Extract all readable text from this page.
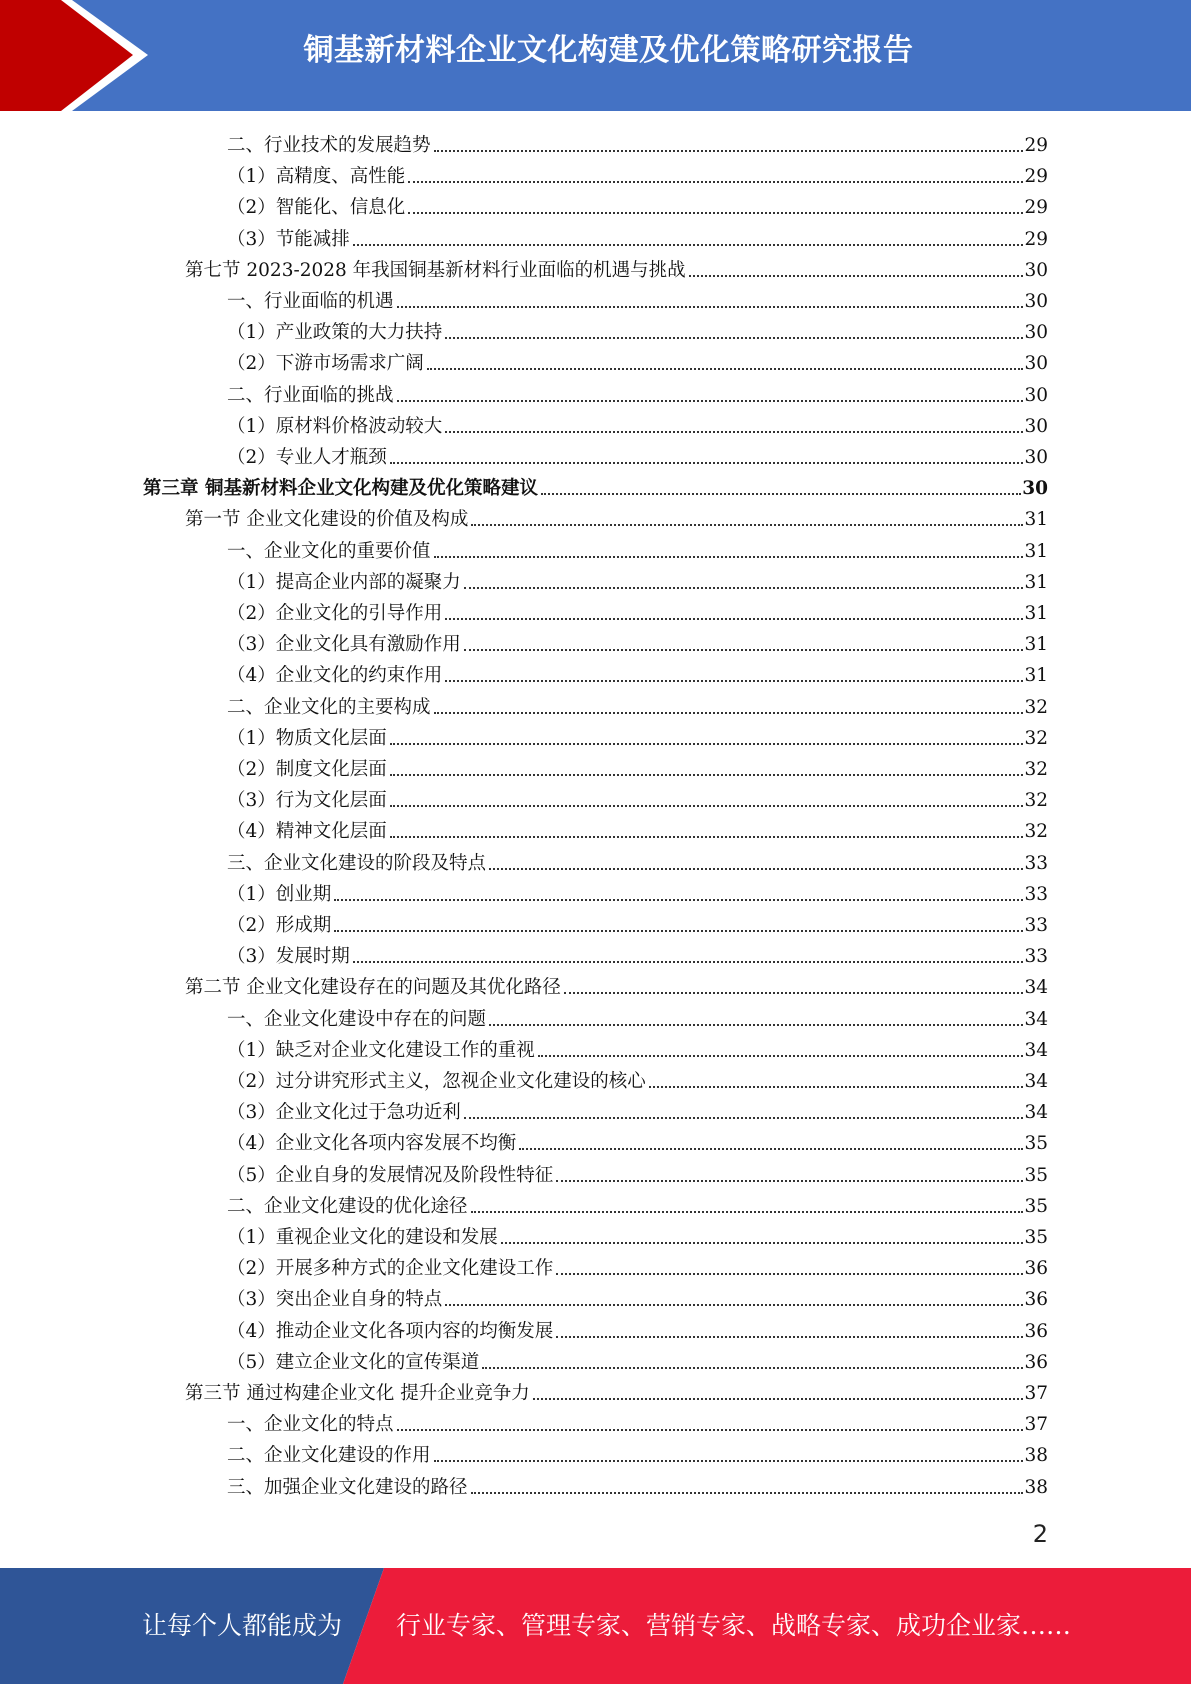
铜基新材料企业文化构建及优化策略研究报告
二、行业技术的发展趋势	29
（1）高精度、高性能	29
（2）智能化、信息化	29
（3）节能减排	29
第七节 2023-2028 年我国铜基新材料行业面临的机遇与挑战	30
一、行业面临的机遇	30
（1）产业政策的大力扶持	30
（2）下游市场需求广阔	30
二、行业面临的挑战	30
（1）原材料价格波动较大	30
（2）专业人才瓶颈	30
第三章 铜基新材料企业文化构建及优化策略建议	30
第一节 企业文化建设的价值及构成	31
一、企业文化的重要价值	31
（1）提高企业内部的凝聚力	31
（2）企业文化的引导作用	31
（3）企业文化具有激励作用	31
（4）企业文化的约束作用	31
二、企业文化的主要构成	32
（1）物质文化层面	32
（2）制度文化层面	32
（3）行为文化层面	32
（4）精神文化层面	32
三、企业文化建设的阶段及特点	33
（1）创业期	33
（2）形成期	33
（3）发展时期	33
第二节 企业文化建设存在的问题及其优化路径	34
一、企业文化建设中存在的问题	34
（1）缺乏对企业文化建设工作的重视	34
（2）过分讲究形式主义，忽视企业文化建设的核心	34
（3）企业文化过于急功近利	34
（4）企业文化各项内容发展不均衡	35
（5）企业自身的发展情况及阶段性特征	35
二、企业文化建设的优化途径	35
（1）重视企业文化的建设和发展	35
（2）开展多种方式的企业文化建设工作	36
（3）突出企业自身的特点	36
（4）推动企业文化各项内容的均衡发展	36
（5）建立企业文化的宣传渠道	36
第三节 通过构建企业文化 提升企业竞争力	37
一、企业文化的特点	37
二、企业文化建设的作用	38
三、加强企业文化建设的路径	38
2
让每个人都能成为 行业专家、管理专家、营销专家、战略专家、成功企业家……
